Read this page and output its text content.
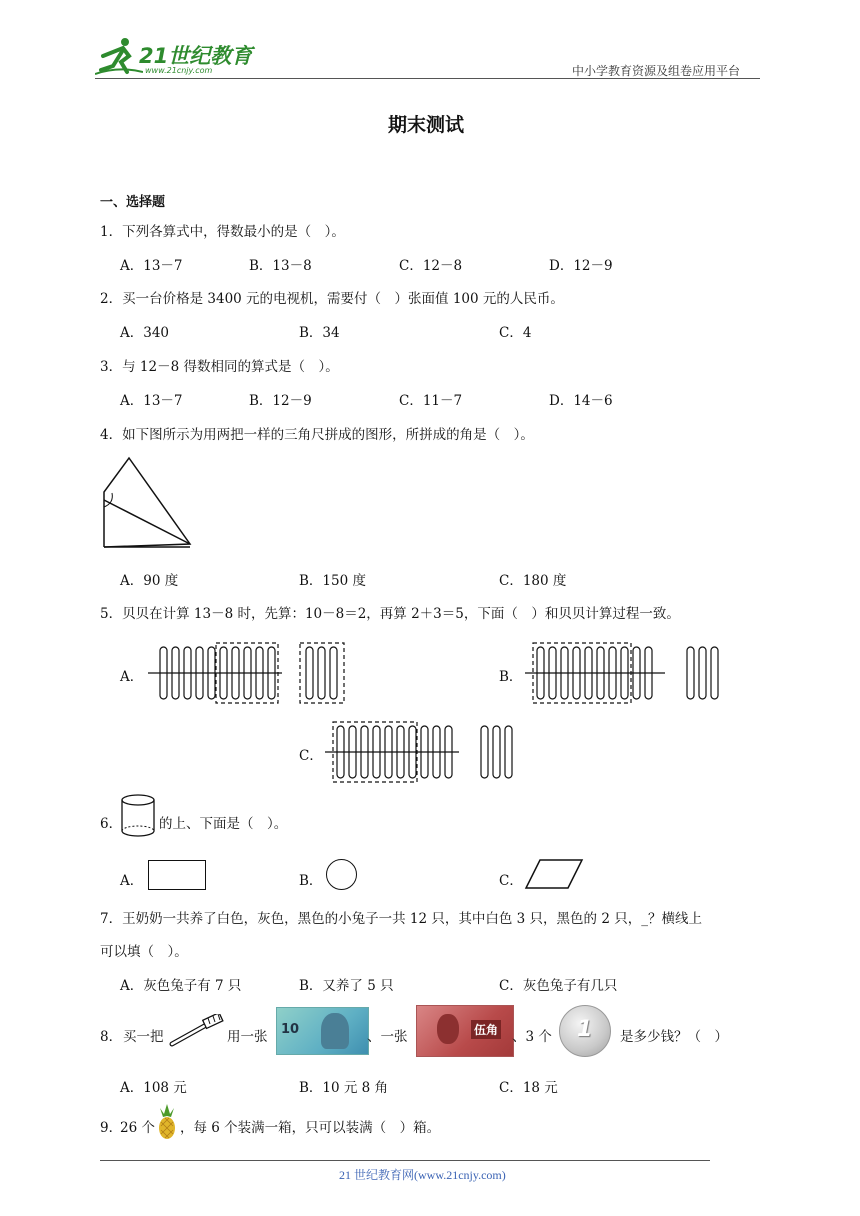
21世纪教育
www.21cnjy.com	中小学教育资源及组卷应用平台
期末测试
一、选择题
1．下列各算式中，得数最小的是（　）。
A．13－7	B．13－8	C．12－8	D．12－9
2．买一台价格是 3400 元的电视机，需要付（　）张面值 100 元的人民币。
A．340	B．34	C．4
3．与 12－8 得数相同的算式是（　）。
A．13－7	B．12－9	C．11－7	D．14－6
4．如下图所示为用两把一样的三角尺拼成的图形，所拼成的角是（　）。
A．90 度	B．150 度	C．180 度
5．贝贝在计算 13－8 时，先算：10－8＝2，再算 2＋3＝5，下面（　）和贝贝计算过程一致。
A．	B．
C．
6．	的上、下面是（　）。
A．	B．	C．
7．王奶奶一共养了白色，灰色，黑色的小兔子一共 12 只，其中白色 3 只，黑色的 2 只，_？横线上
可以填（　）。
A．灰色兔子有 7 只	B．又养了 5 只	C．灰色兔子有几只
8． 买一把	用一张 10	、一张	伍角 、3 个 1 是多少钱？（　）
A．108 元	B．10 元 8 角	C．18 元
9．
26 个 ，每 6 个装满一箱，只可以装满（　）箱。
21 世纪教育网(www.21cnjy.com)
